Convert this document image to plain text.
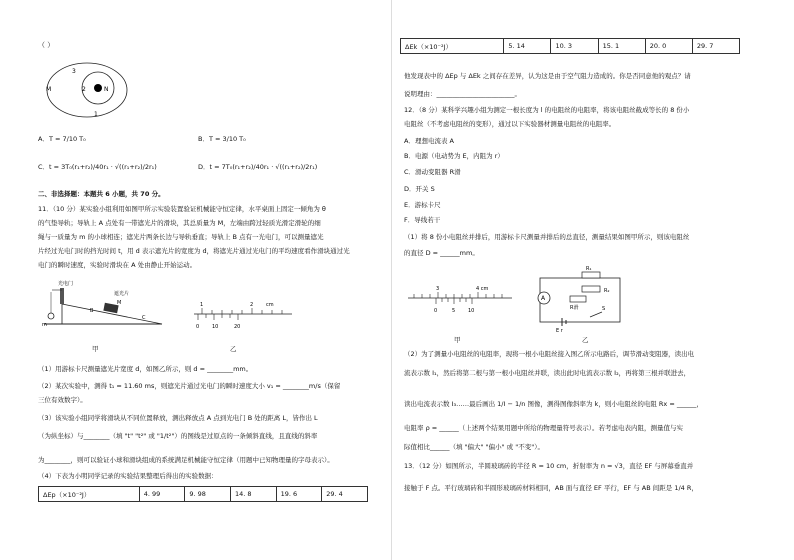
（ ）
M	N
2
3
1
A．T = 7/10 T₀	B．T = 3/10 T₀
C．t = 3T₀(r₁+r₂)/40r₁ · √((r₁+r₂)/2r₁)	D．t = 7T₀(r₁+r₂)/40r₁ · √((r₁+r₂)/2r₁)
二、非选择题：本题共 6 小题，共 70 分。
11．（10 分）某实验小组利用如图甲所示实验装置验证机械能守恒定律，水平桌面上固定一倾角为 θ
的气垫导轨；导轨上 A 点处有一带遮光片的滑块，其总质量为 M，左端由跨过轻质光滑定滑轮的细
绳与一质量为 m 的小球相连；遮光片两条长边与导轨垂直；导轨上 B 点有一光电门，可以测量遮光
片经过光电门时的挡光时间 t，用 d 表示遮光片的宽度为 d，将遮光片通过光电门的平均速度看作滑块通过光
电门的瞬时速度，实验时滑块在 A 处由静止开始运动。
m
B
M
C
光电门
遮光片
甲
1	2	cm
0	10	20
乙
（1）用游标卡尺测量遮光片宽度 d，如图乙所示，则 d = ________mm。
（2）某次实验中，测得 t₁ = 11.60 ms，则遮光片通过光电门的瞬时速度大小 v₁ = ________m/s（保留
三位有效数字）。
（3）该实验小组同学将滑块从不同位置释放，测出释放点 A 点到光电门 B 处的距离 L，皆作出 L
（为纵坐标）与________（填 "t" "t²" 或 "1/t²"）的图线是过原点的一条倾斜直线，且直线的斜率
为________，则可以验证小球和滑块组成的系统满足机械能守恒定律（用题中已知物理量的字母表示）。
（4）下表为小明同学记录的实验结果整理后得出的实验数据：
ΔEp（×10⁻²J）	4. 99	9. 98	14. 8	19. 6	29. 4
ΔEk（×10⁻²J）	5. 14	10. 3	15. 1	20. 0	29. 7
他发现表中的 ΔEp 与 ΔEk 之间存在差异，认为这是由于空气阻力造成的。你是否同意他的观点？请
说明理由：________________________。
12．（8 分）某科学兴趣小组为测定一根长度为 l 的电阻丝的电阻率，将该电阻丝截成等长的 8 份小
电阻丝（不考虑电阻丝的变形），通过以下实验器材测量电阻丝的电阻率。
A．理想电流表 A
B．电源（电动势为 E，内阻为 r）
C．滑动变阻器 R滑
D．开关 S
E．游标卡尺
F．导线若干
（1）将 8 份小电阻丝并排后，用游标卡尺测量并排后的总直径，测量结果如图甲所示，则该电阻丝
的直径 D = ______mm。
3	4 cm
0	5	10
甲
A
R₁
R₂
R滑	S
E r
乙
（2）为了测量小电阻丝的电阻率，现将一根小电阻丝接入图乙所示电路后，调节滑动变阻器，读出电
流表示数 I₁，然后将第二根与第一根小电阻丝并联，读出此时电流表示数 I₂，再将第三根并联进去，
读出电流表示数 I₃……最后画出 1/I − 1/n 图像，测得图像斜率为 k，则小电阻丝的电阻 Rx = ______，
电阻率 ρ = ______（上述两个结果用题中所给的物理量符号表示）。若考虑电表内阻，测量值与实
际值相比______（填 "偏大" "偏小" 或 "不变"）。
13．（12 分）如图所示，半圆玻璃砖的半径 R = 10 cm，折射率为 n = √3，直径 EF 与屏幕垂直并
接触于 F 点。平行玻璃砖和半圆形玻璃砖材料相同，AB 面与直径 EF 平行，EF 与 AB 间距是 1/4 R，
